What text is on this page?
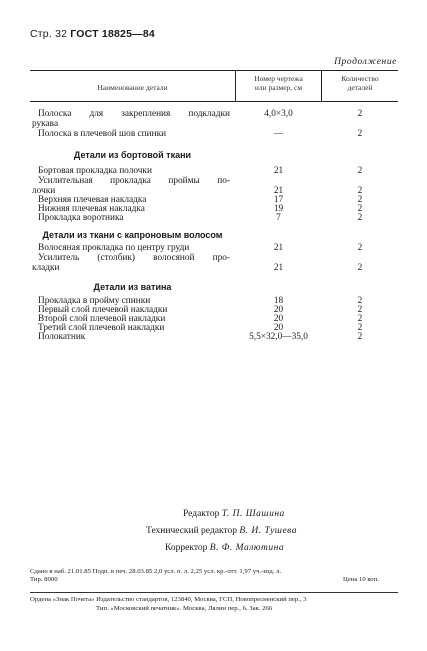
Стр. 32 ГОСТ 18825—84
Продолжение
Наименование детали
Номер чертежа
или размер, см
Количество
деталей
Полоска для закрепления подкладки	4,0×3,0	2
рукава
Полоска в плечевой шов спинки	—	2
Детали из бортовой ткани
Бортовая прокладка полочки	21	2
Усилительная прокладка проймы по-
лочки	21	2
Верхняя плечевая накладка	17	2
Нижняя плечевая накладка	19	2
Прокладка воротника	7	2
Детали из ткани с капроновым волосом
Волосяная прокладка по центру груди	21	2
Усилитель (столбик) волосяной про-
кладки	21	2
Детали из ватина
Прокладка в пройму спинки	18	2
Первый слой плечевой накладки	20	2
Второй слой плечевой накладки	20	2
Третий слой плечевой накладки	20	2
Полокатник	5,5×32,0—35,0	2
Редактор Т. П. Шашина
Технический редактор В. И. Тушева
Корректор В. Ф. Малютина
Сдано в наб. 21.01.85 Подп. в печ. 28.03.85 2,0 усл. п. л. 2,25 усл. кр.-отт. 1,97 уч.-изд. л.
Тир. 8000	Цена 10 коп.
Ордена «Знак Почета» Издательство стандартов, 123840, Москва, ГСП, Новопресненский пер., 3
Тип. «Московский печатник». Москва, Лялин пер., 6. Зак. 266
